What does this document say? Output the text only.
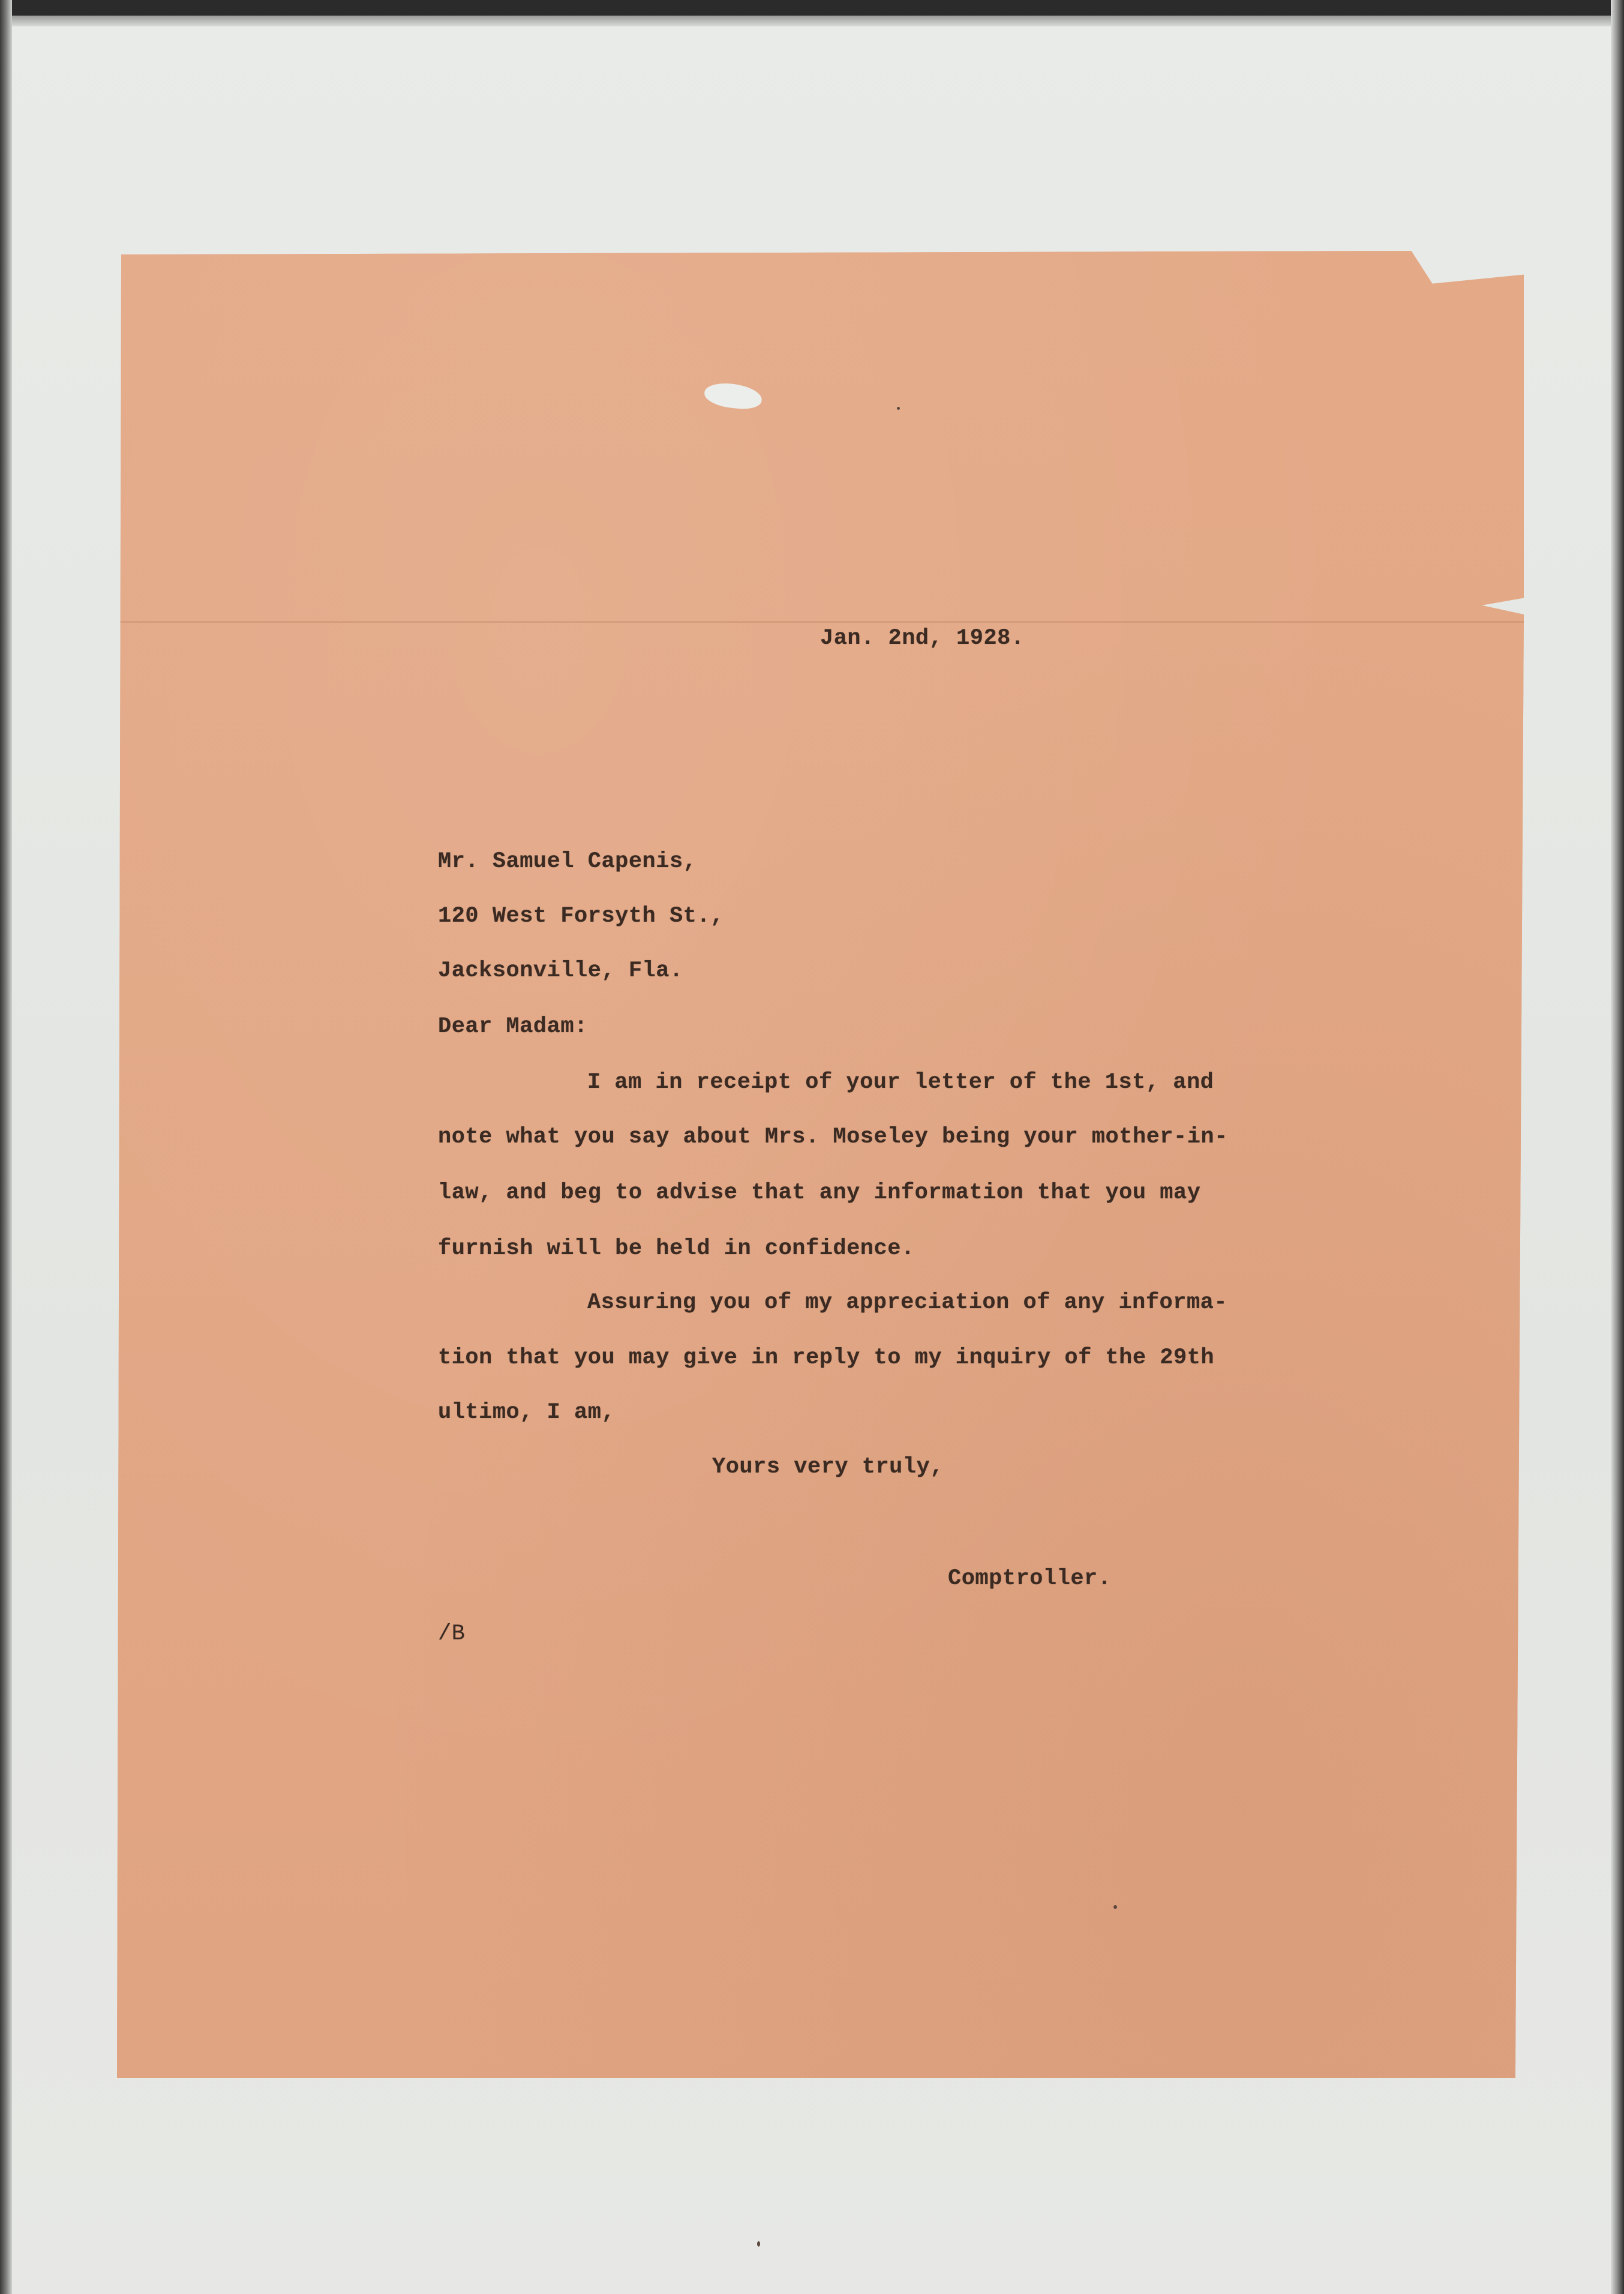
Jan. 2nd, 1928.
Mr. Samuel Capenis,
120 West Forsyth St.,
Jacksonville, Fla.
Dear Madam:
I am in receipt of your letter of the 1st, and
note what you say about Mrs. Moseley being your mother-in-
law, and beg to advise that any information that you may
furnish will be held in confidence.
Assuring you of my appreciation of any informa-
tion that you may give in reply to my inquiry of the 29th
ultimo, I am,
Yours very truly,
Comptroller.
/B
